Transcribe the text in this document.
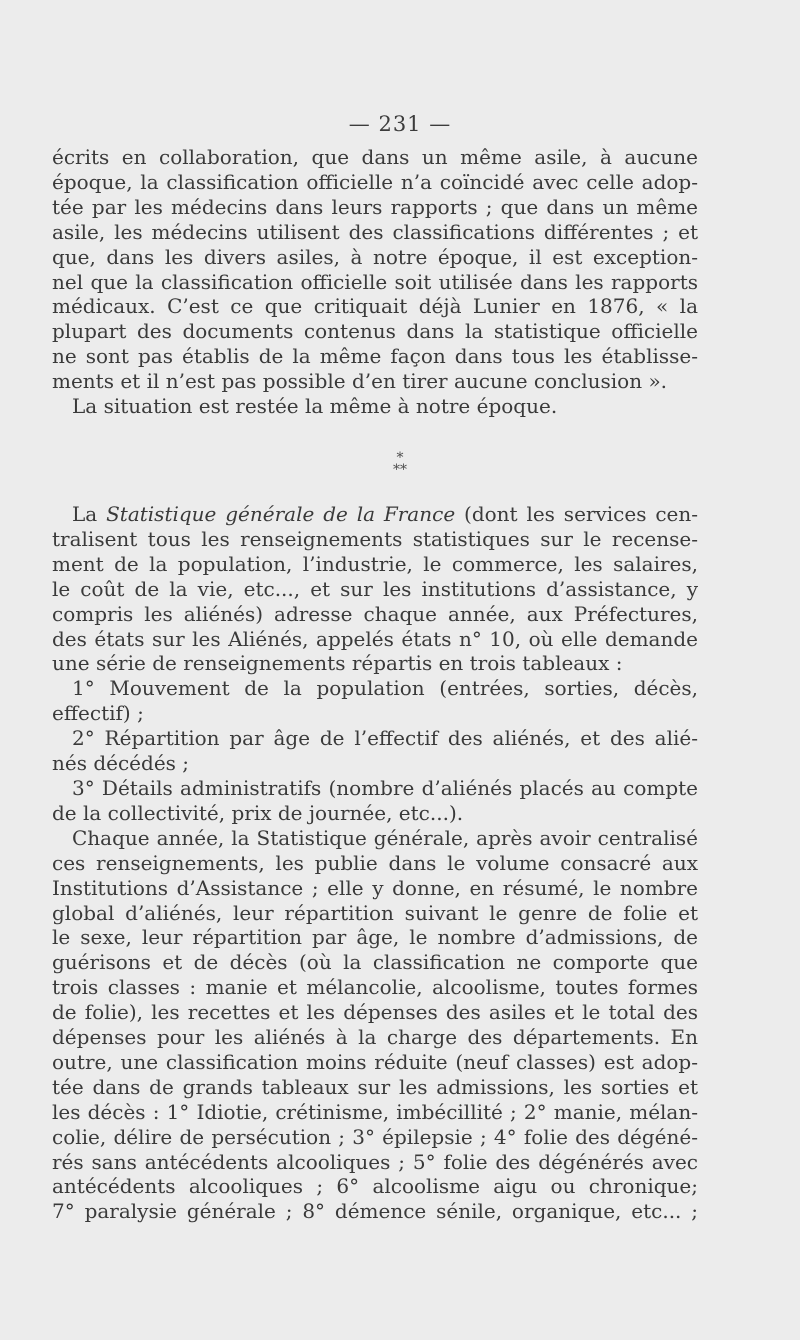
— 231 —
écrits en collaboration, que dans un même asile, à aucune
époque, la classification officielle n’a coïncidé avec celle adop-
tée par les médecins dans leurs rapports ; que dans un même
asile, les médecins utilisent des classifications différentes ; et
que, dans les divers asiles, à notre époque, il est exception-
nel que la classification officielle soit utilisée dans les rapports
médicaux. C’est ce que critiquait déjà Lunier en 1876, « la
plupart des documents contenus dans la statistique officielle
ne sont pas établis de la même façon dans tous les établisse-
ments et il n’est pas possible d’en tirer aucune conclusion ».
La situation est restée la même à notre époque.
*
**
La Statistique générale de la France (dont les services cen-
tralisent tous les renseignements statistiques sur le recense-
ment de la population, l’industrie, le commerce, les salaires,
le coût de la vie, etc..., et sur les institutions d’assistance, y
compris les aliénés) adresse chaque année, aux Préfectures,
des états sur les Aliénés, appelés états n° 10, où elle demande
une série de renseignements répartis en trois tableaux :
1° Mouvement de la population (entrées, sorties, décès,
effectif) ;
2° Répartition par âge de l’effectif des aliénés, et des alié-
nés décédés ;
3° Détails administratifs (nombre d’aliénés placés au compte
de la collectivité, prix de journée, etc...).
Chaque année, la Statistique générale, après avoir centralisé
ces renseignements, les publie dans le volume consacré aux
Institutions d’Assistance ; elle y donne, en résumé, le nombre
global d’aliénés, leur répartition suivant le genre de folie et
le sexe, leur répartition par âge, le nombre d’admissions, de
guérisons et de décès (où la classification ne comporte que
trois classes : manie et mélancolie, alcoolisme, toutes formes
de folie), les recettes et les dépenses des asiles et le total des
dépenses pour les aliénés à la charge des départements. En
outre, une classification moins réduite (neuf classes) est adop-
tée dans de grands tableaux sur les admissions, les sorties et
les décès : 1° Idiotie, crétinisme, imbécillité ; 2° manie, mélan-
colie, délire de persécution ; 3° épilepsie ; 4° folie des dégéné-
rés sans antécédents alcooliques ; 5° folie des dégénérés avec
antécédents alcooliques ; 6° alcoolisme aigu ou chronique;
7° paralysie générale ; 8° démence sénile, organique, etc... ;
